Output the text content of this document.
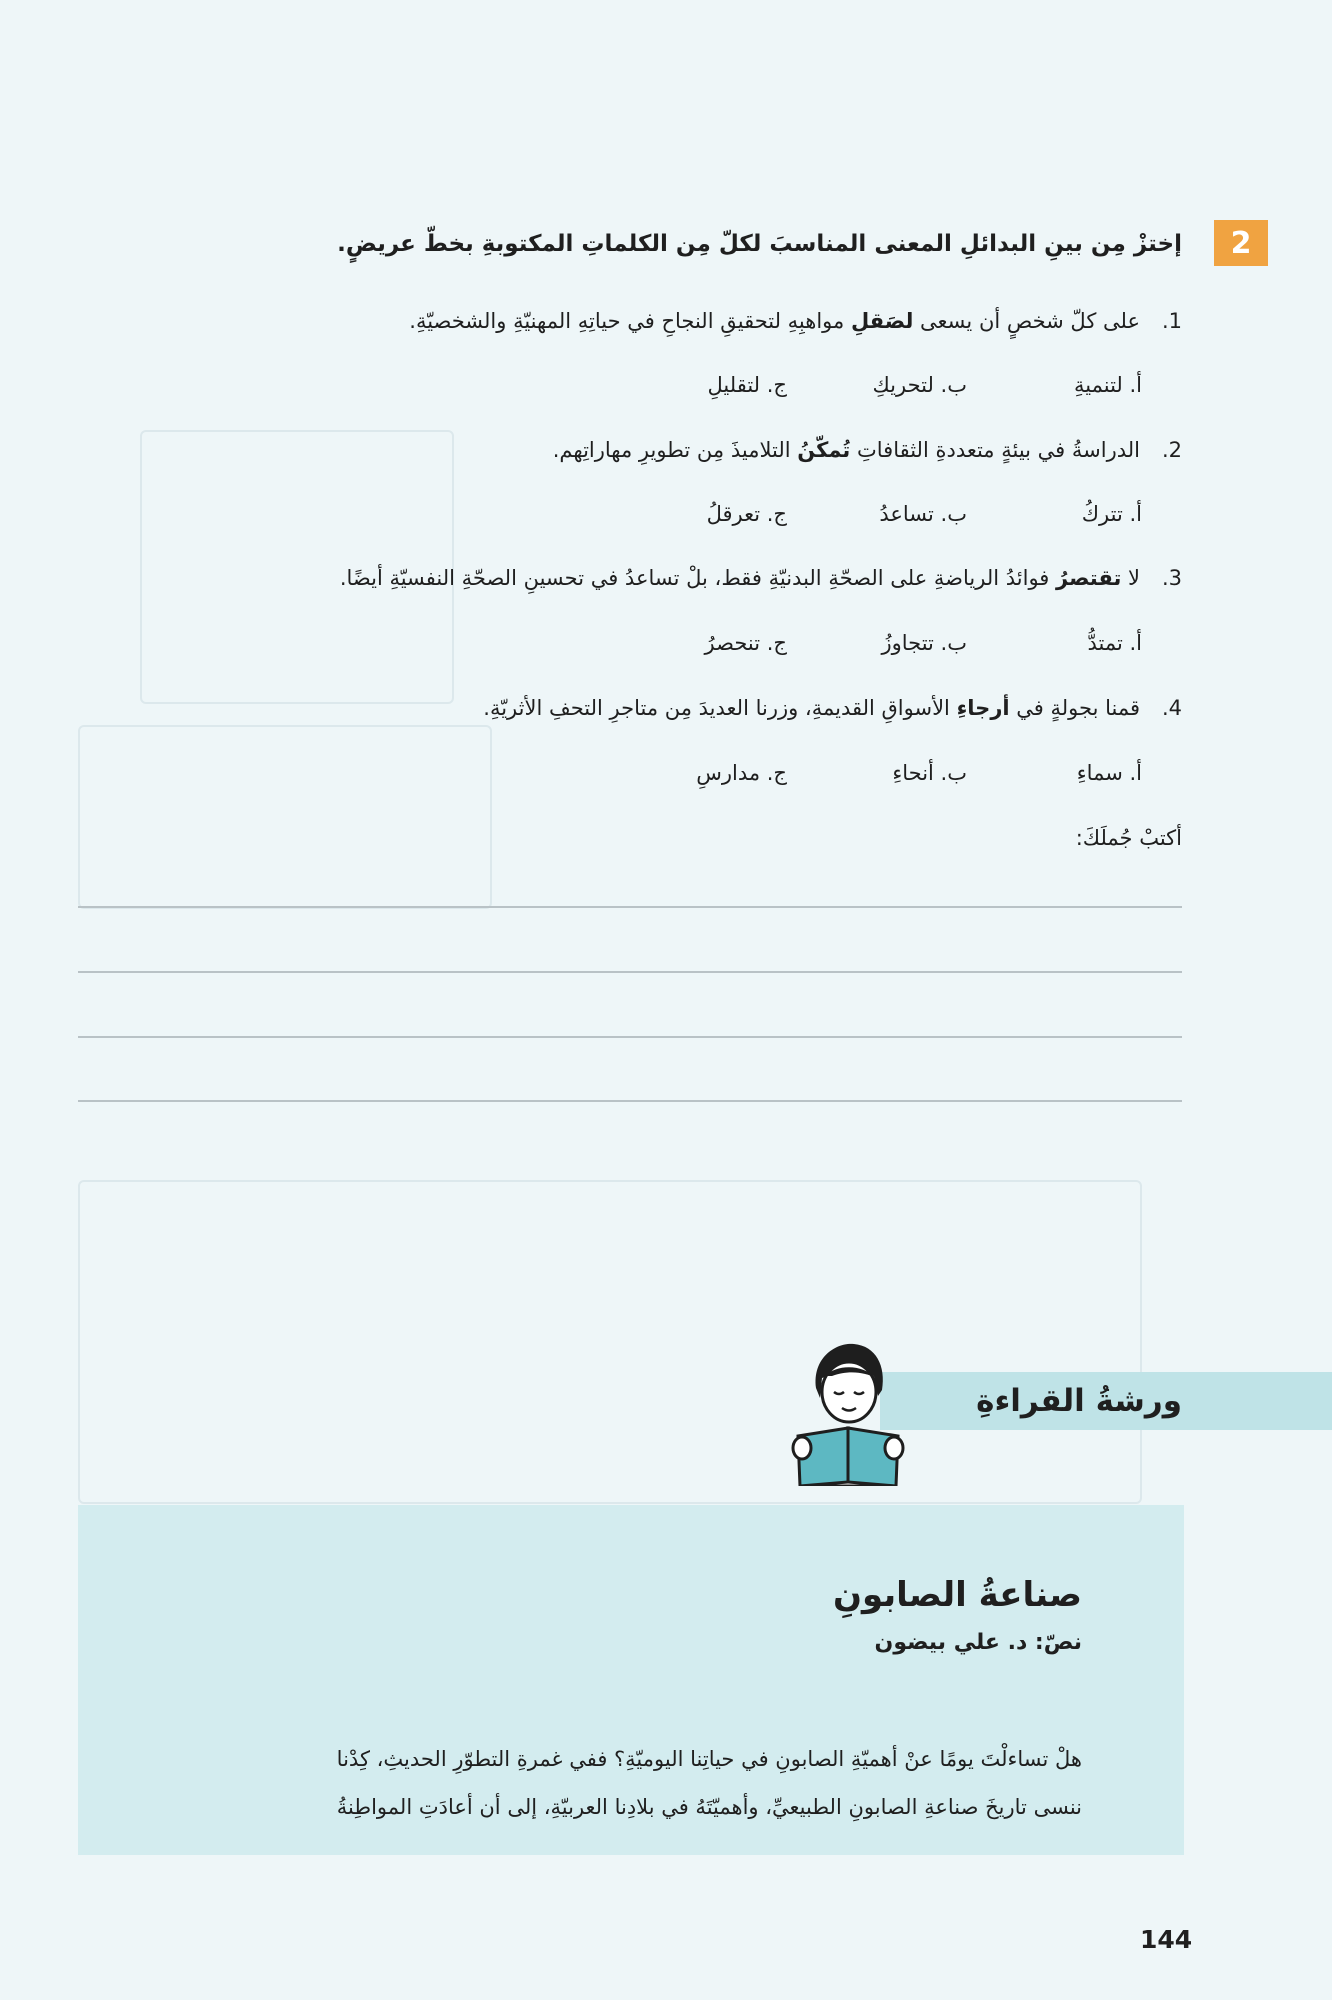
2
إختزْ مِن بينِ البدائلِ المعنى المناسبَ لكلّ مِن الكلماتِ المكتوبةِ بخطّ عريضٍ.
1.على كلّ شخصٍ أن يسعى لصَقلِ مواهبِهِ لتحقيقِ النجاحِ في حياتِهِ المهنيّةِ والشخصيّةِ.
أ. لتنميةِ
ب. لتحريكِ
ج. لتقليلِ
2.الدراسةُ في بيئةٍ متعددةِ الثقافاتِ تُمكّنُ التلاميذَ مِن تطويرِ مهاراتِهم.
أ. تتركُ
ب. تساعدُ
ج. تعرقلُ
3.لا تقتصرُ فوائدُ الرياضةِ على الصحّةِ البدنيّةِ فقط، بلْ تساعدُ في تحسينِ الصحّةِ النفسيّةِ أيضًا.
أ. تمتدُّ
ب. تتجاوزُ
ج. تنحصرُ
4.قمنا بجولةٍ في أرجاءِ الأسواقِ القديمةِ، وزرنا العديدَ مِن متاجرِ التحفِ الأثريّةِ.
أ. سماءِ
ب. أنحاءِ
ج. مدارسِ
أكتبْ جُملَكَ:
ورشةُ القراءةِ
صناعةُ الصابونِ
نصّ: د. علي بيضون
هلْ تساءلْتَ يومًا عنْ أهميّةِ الصابونِ في حياتِنا اليوميّةِ؟ ففي غمرةِ التطوّرِ الحديثِ، كِدْنا
ننسى تاريخَ صناعةِ الصابونِ الطبيعيِّ، وأهميّتَهُ في بلادِنا العربيّةِ، إلى أن أعادَتِ المواطِنةُ
144
